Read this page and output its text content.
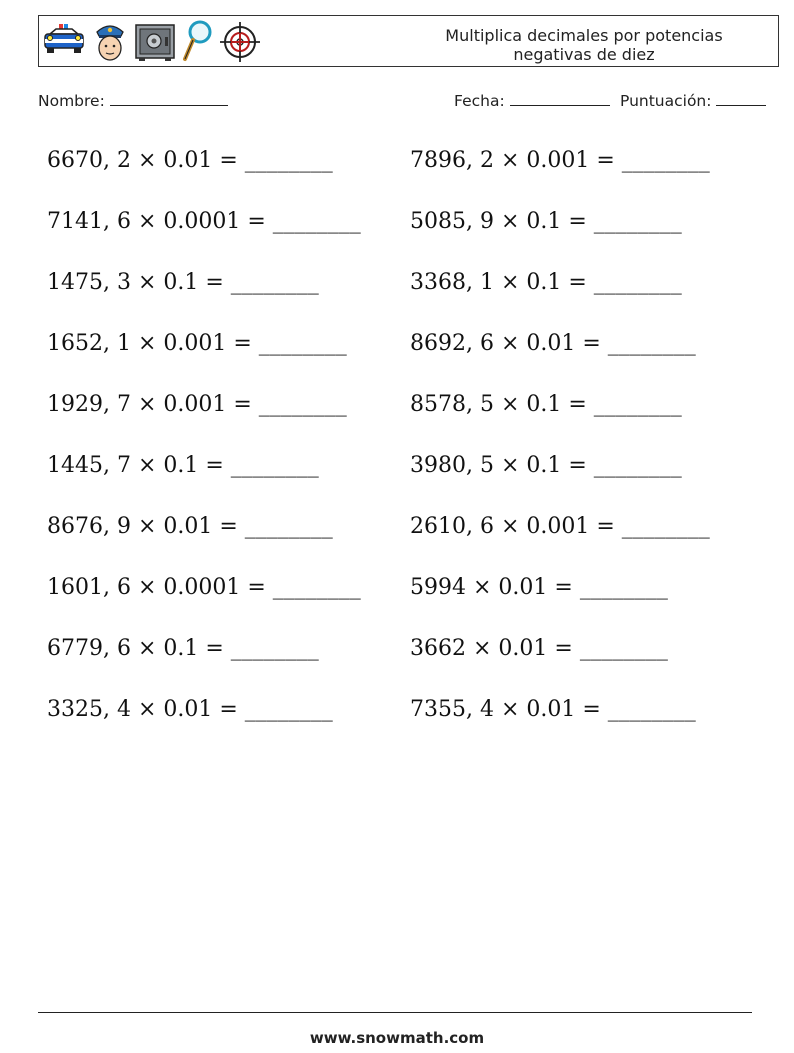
Multiplica decimales por potencias
negativas de diez
Nombre:	Fecha:	Puntuación:
6670, 2 × 0.01 = ________	7896, 2 × 0.001 = ________
7141, 6 × 0.0001 = ________ 5085, 9 × 0.1 = ________
1475, 3 × 0.1 = ________	3368, 1 × 0.1 = ________
1652, 1 × 0.001 = ________	8692, 6 × 0.01 = ________
1929, 7 × 0.001 = ________	8578, 5 × 0.1 = ________
1445, 7 × 0.1 = ________	3980, 5 × 0.1 = ________
8676, 9 × 0.01 = ________	2610, 6 × 0.001 = ________
1601, 6 × 0.0001 = ________ 5994 × 0.01 = ________
6779, 6 × 0.1 = ________	3662 × 0.01 = ________
3325, 4 × 0.01 = ________	7355, 4 × 0.01 = ________
www.snowmath.com
